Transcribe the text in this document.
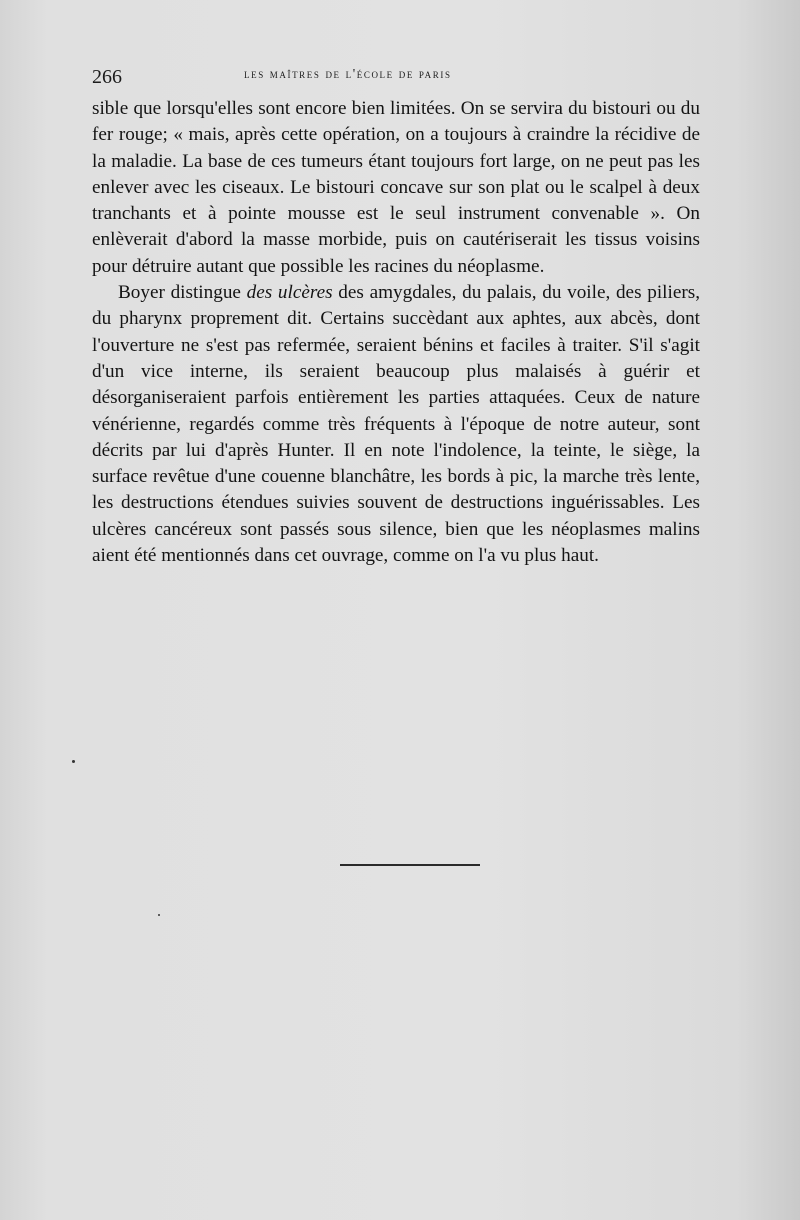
266	les maîtres de l'école de paris

sible que lorsqu'elles sont encore bien limitées. On se servira du bistouri ou du fer rouge; « mais, après cette opération, on a toujours à craindre la récidive de la maladie. La base de ces tumeurs étant toujours fort large, on ne peut pas les enlever avec les ciseaux. Le bistouri concave sur son plat ou le scalpel à deux tranchants et à pointe mousse est le seul instrument convenable ». On enlèverait d'abord la masse morbide, puis on cautériserait les tissus voisins pour détruire autant que possible les racines du néoplasme.

Boyer distingue des ulcères des amygdales, du palais, du voile, des piliers, du pharynx proprement dit. Certains succèdant aux aphtes, aux abcès, dont l'ouverture ne s'est pas refermée, seraient bénins et faciles à traiter. S'il s'agit d'un vice interne, ils seraient beaucoup plus malaisés à guérir et désorganiseraient parfois entièrement les parties attaquées. Ceux de nature vénérienne, regardés comme très fréquents à l'époque de notre auteur, sont décrits par lui d'après Hunter. Il en note l'indolence, la teinte, le siège, la surface revêtue d'une couenne blanchâtre, les bords à pic, la marche très lente, les destructions étendues suivies souvent de destructions inguérissables. Les ulcères cancéreux sont passés sous silence, bien que les néoplasmes malins aient été mentionnés dans cet ouvrage, comme on l'a vu plus haut.
